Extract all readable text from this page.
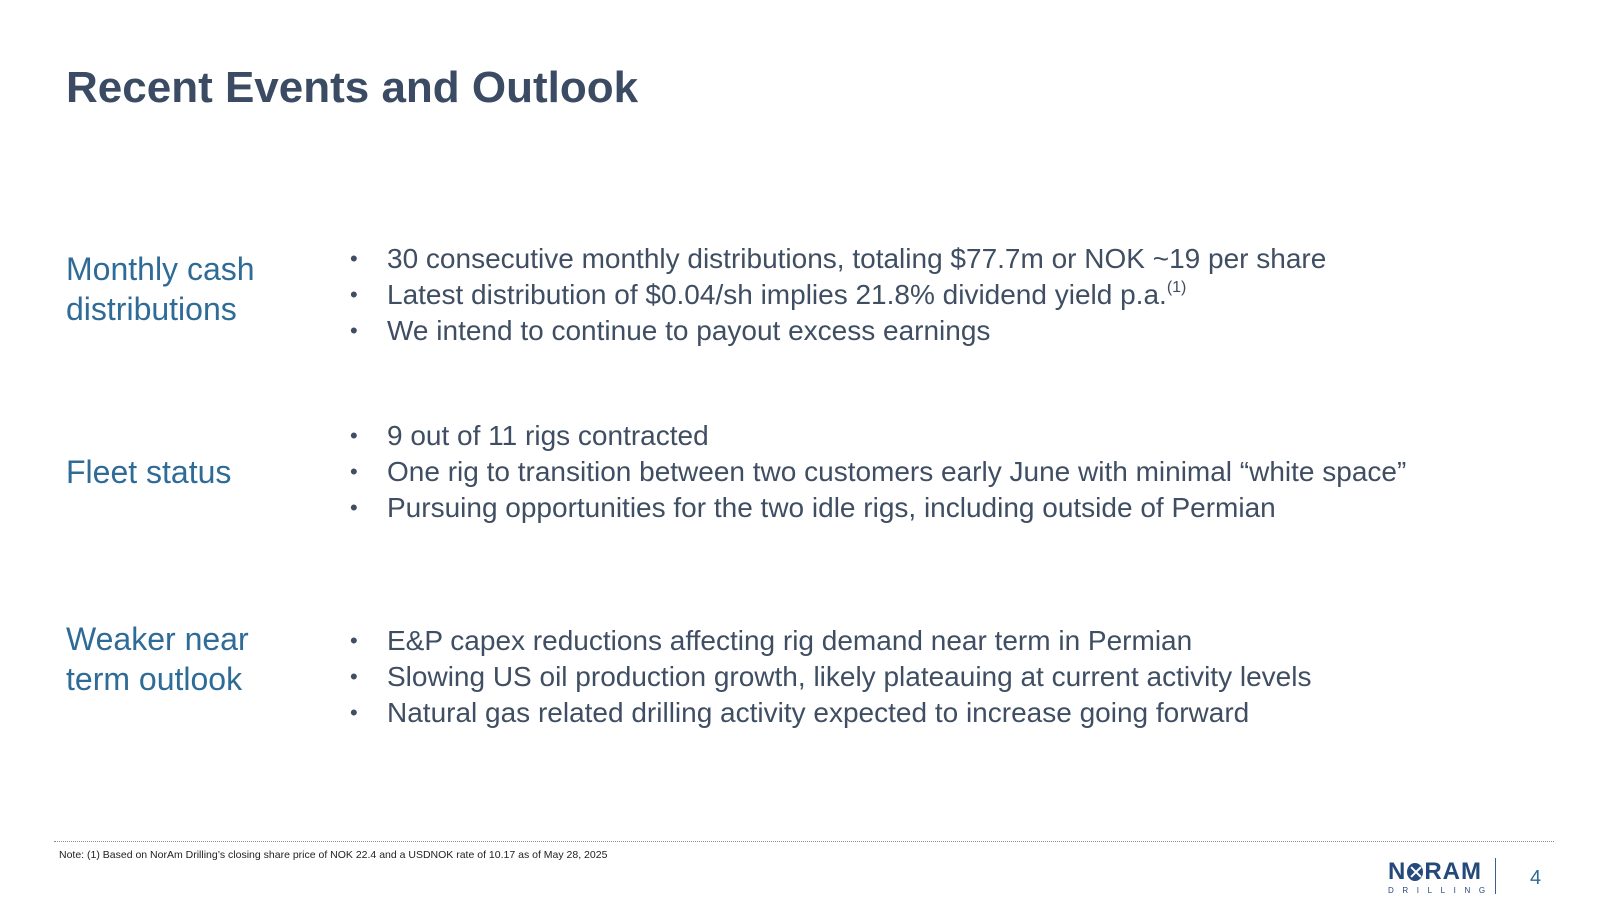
Recent Events and Outlook
Monthly cash
distributions
• 30 consecutive monthly distributions, totaling $77.7m or NOK ~19 per share
• Latest distribution of $0.04/sh implies 21.8% dividend yield p.a.$^{(1)}$
• We intend to continue to payout excess earnings
Fleet status
• 9 out of 11 rigs contracted
• One rig to transition between two customers early June with minimal “white space”
• Pursuing opportunities for the two idle rigs, including outside of Permian
Weaker near
term outlook
• E&P capex reductions affecting rig demand near term in Permian
• Slowing US oil production growth, likely plateauing at current activity levels
• Natural gas related drilling activity expected to increase going forward
Note: (1) Based on NorAm Drilling’s closing share price of NOK 22.4 and a USDNOK rate of 10.17 as of May 28, 2025
N RAM
DRILLING
4
